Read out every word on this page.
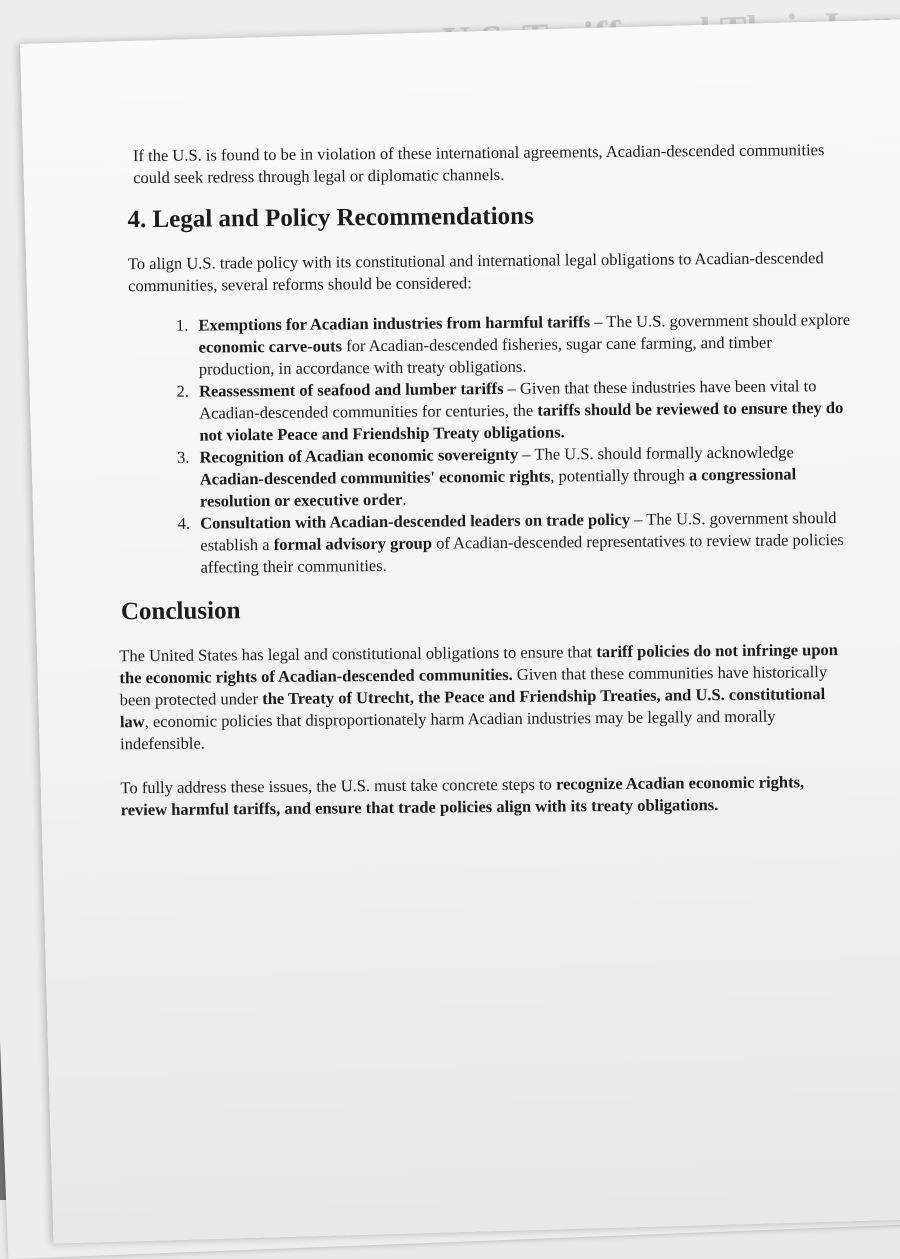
If the U.S. is found to be in violation of these international agreements, Acadian-descended communities could seek redress through legal or diplomatic channels.

4. Legal and Policy Recommendations

To align U.S. trade policy with its constitutional and international legal obligations to Acadian-descended communities, several reforms should be considered:

1. Exemptions for Acadian industries from harmful tariffs – The U.S. government should explore economic carve-outs for Acadian-descended fisheries, sugar cane farming, and timber production, in accordance with treaty obligations.
2. Reassessment of seafood and lumber tariffs – Given that these industries have been vital to Acadian-descended communities for centuries, the tariffs should be reviewed to ensure they do not violate Peace and Friendship Treaty obligations.
3. Recognition of Acadian economic sovereignty – The U.S. should formally acknowledge Acadian-descended communities' economic rights, potentially through a congressional resolution or executive order.
4. Consultation with Acadian-descended leaders on trade policy – The U.S. government should establish a formal advisory group of Acadian-descended representatives to review trade policies affecting their communities.
Conclusion

The United States has legal and constitutional obligations to ensure that tariff policies do not infringe upon the economic rights of Acadian-descended communities. Given that these communities have historically been protected under the Treaty of Utrecht, the Peace and Friendship Treaties, and U.S. constitutional law, economic policies that disproportionately harm Acadian industries may be legally and morally indefensible.

To fully address these issues, the U.S. must take concrete steps to recognize Acadian economic rights, review harmful tariffs, and ensure that trade policies align with its treaty obligations.
